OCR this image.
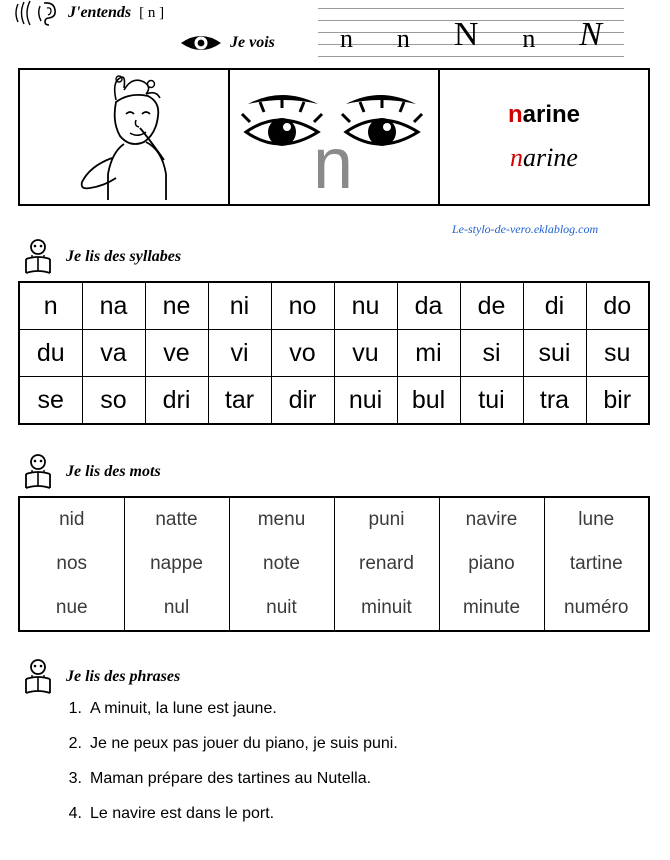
J'entends [ n ]
Je vois	n n N n N
n
narine
narine
Le-stylo-de-vero.eklablog.com
Je lis des syllabes
n	na	ne	ni	no	nu	da	de	di	do
du	va	ve	vi	vo	vu	mi	si	sui	su
se	so	dri	tar	dir	nui	bul	tui	tra	bir
Je lis des mots
nid	natte	menu	puni	navire	lune
nos	nappe	note	renard	piano	tartine
nue	nul	nuit	minuit	minute	numéro
Je lis des phrases
1. A minuit, la lune est jaune.
2. Je ne peux pas jouer du piano, je suis puni.
3. Maman prépare des tartines au Nutella.
4. Le navire est dans le port.
